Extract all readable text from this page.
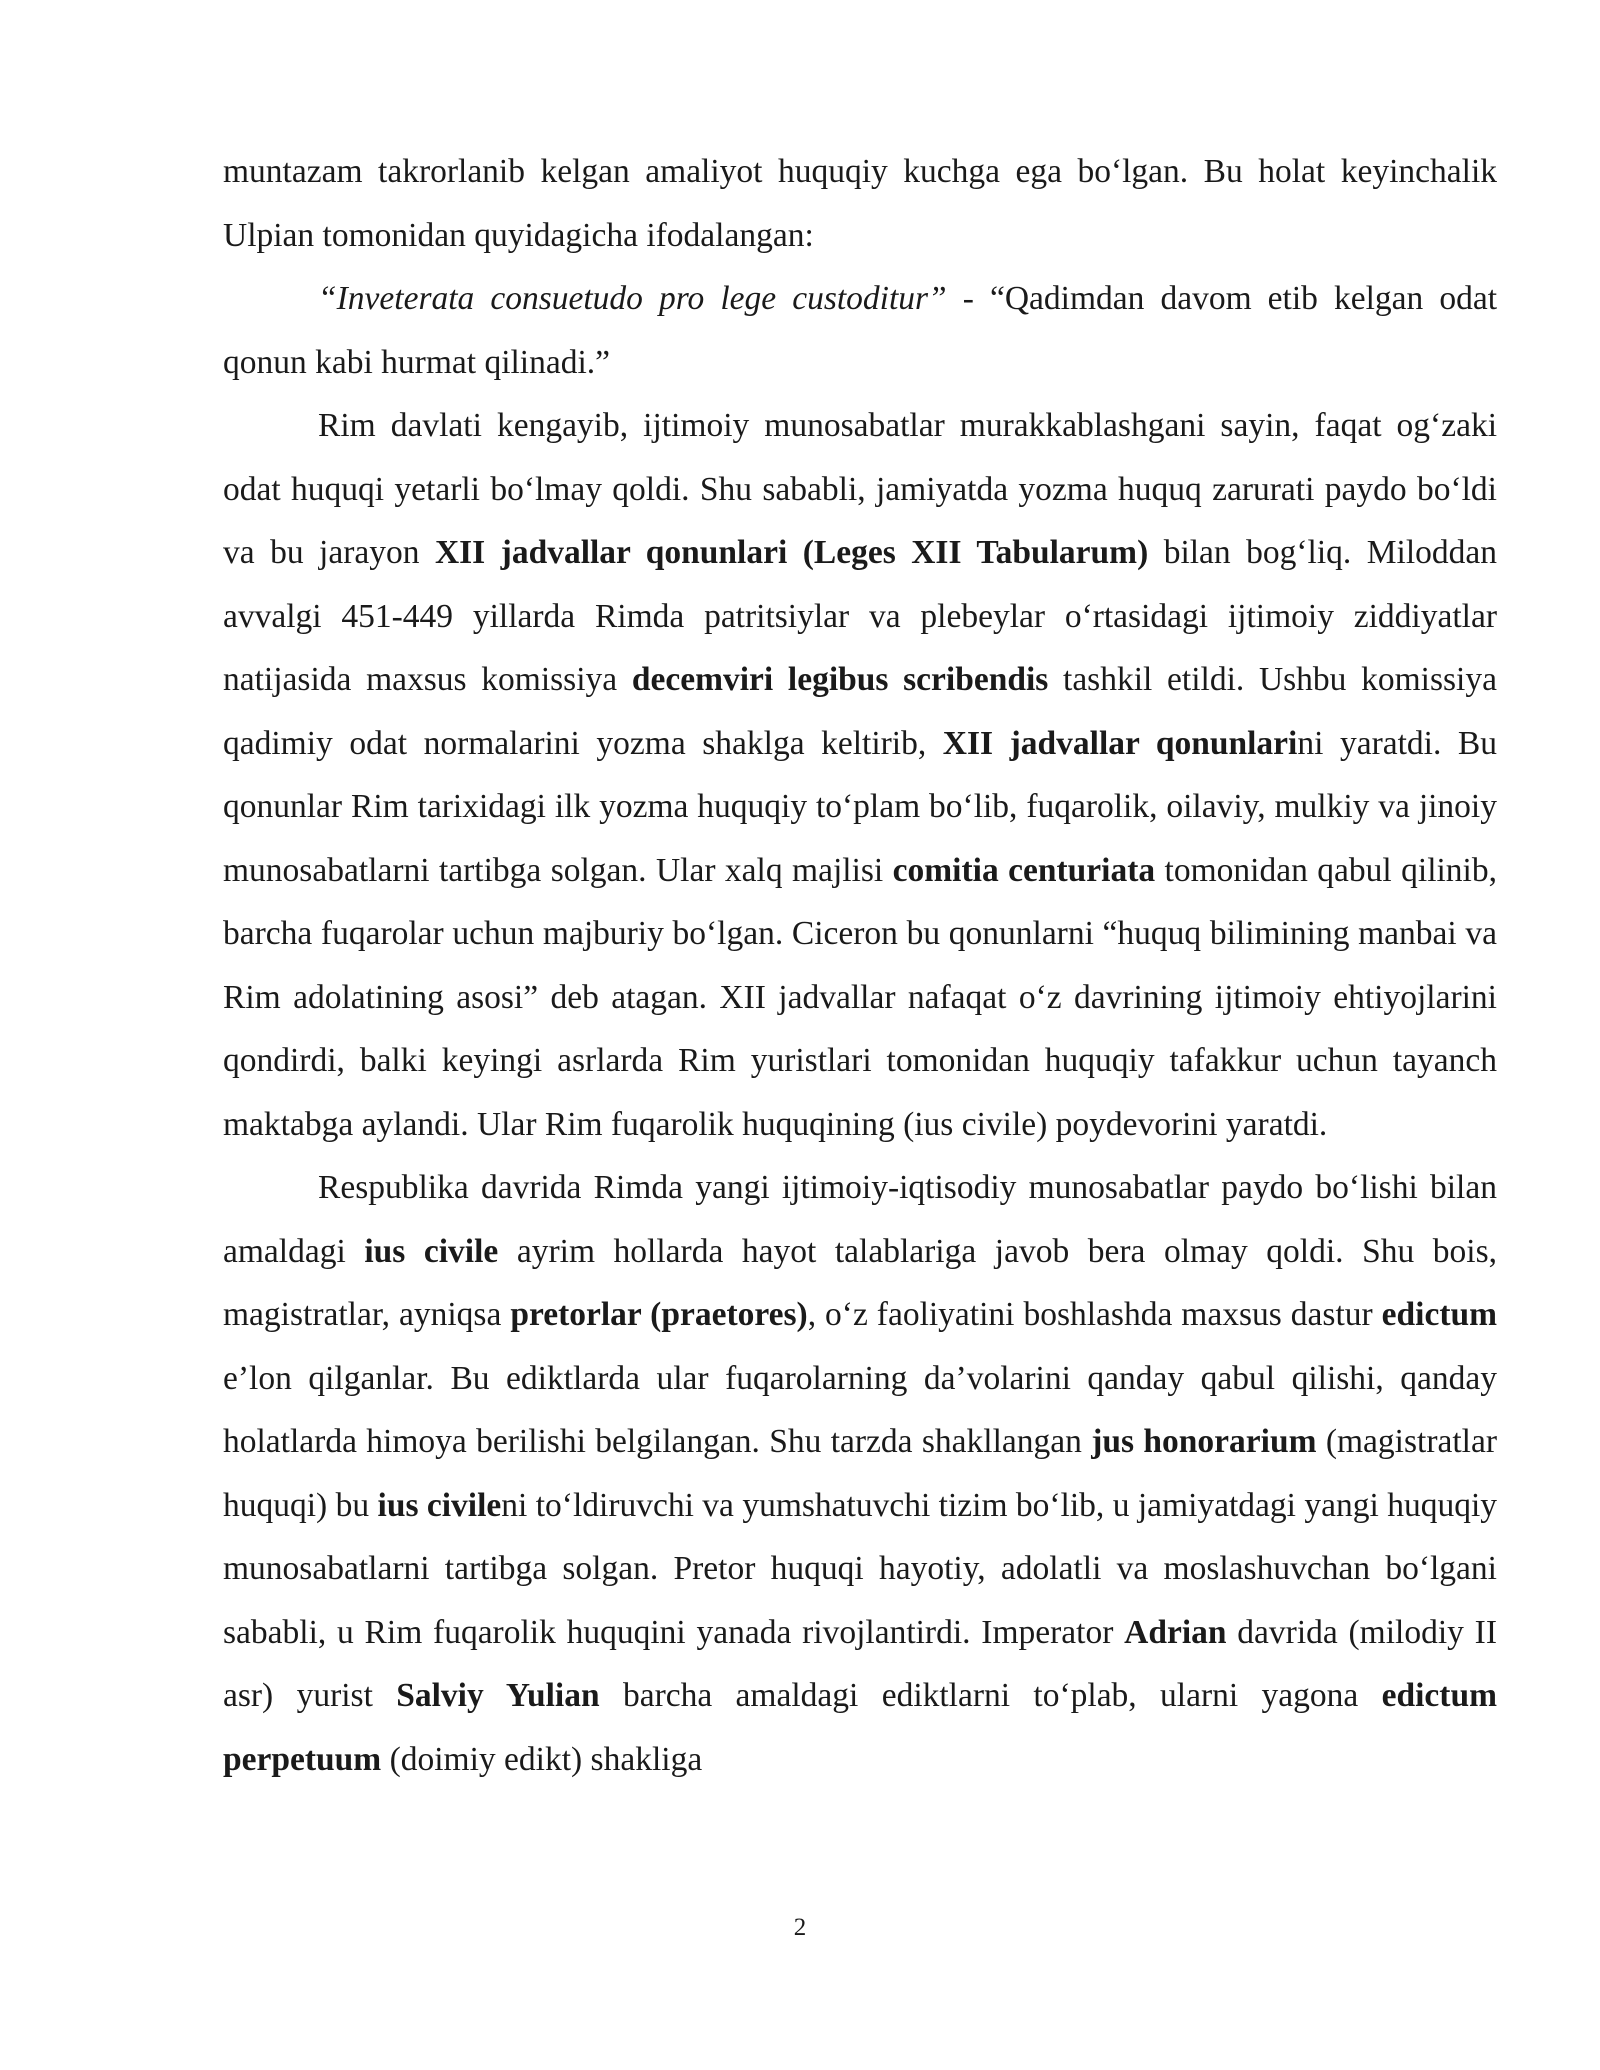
muntazam takrorlanib kelgan amaliyot huquqiy kuchga ega bo‘lgan. Bu holat keyinchalik Ulpian tomonidan quyidagicha ifodalangan:

“Inveterata consuetudo pro lege custoditur” - “Qadimdan davom etib kelgan odat qonun kabi hurmat qilinadi.”

Rim davlati kengayib, ijtimoiy munosabatlar murakkablashgani sayin, faqat og‘zaki odat huquqi yetarli bo‘lmay qoldi. Shu sababli, jamiyatda yozma huquq zarurati paydo bo‘ldi va bu jarayon XII jadvallar qonunlari (Leges XII Tabularum) bilan bog‘liq. Miloddan avvalgi 451-449 yillarda Rimda patritsiylar va plebeylar o‘rtasidagi ijtimoiy ziddiyatlar natijasida maxsus komissiya decemviri legibus scribendis tashkil etildi. Ushbu komissiya qadimiy odat normalarini yozma shaklga keltirib, XII jadvallar qonunlarini yaratdi. Bu qonunlar Rim tarixidagi ilk yozma huquqiy to‘plam bo‘lib, fuqarolik, oilaviy, mulkiy va jinoiy munosabatlarni tartibga solgan. Ular xalq majlisi comitia centuriata tomonidan qabul qilinib, barcha fuqarolar uchun majburiy bo‘lgan. Ciceron bu qonunlarni “huquq bilimining manbai va Rim adolatining asosi” deb atagan. XII jadvallar nafaqat o‘z davrining ijtimoiy ehtiyojlarini qondirdi, balki keyingi asrlarda Rim yuristlari tomonidan huquqiy tafakkur uchun tayanch maktabga aylandi. Ular Rim fuqarolik huquqining (ius civile) poydevorini yaratdi.

Respublika davrida Rimda yangi ijtimoiy-iqtisodiy munosabatlar paydo bo‘lishi bilan amaldagi ius civile ayrim hollarda hayot talablariga javob bera olmay qoldi. Shu bois, magistratlar, ayniqsa pretorlar (praetores), o‘z faoliyatini boshlashda maxsus dastur edictum e’lon qilganlar. Bu ediktlarda ular fuqarolarning da’volarini qanday qabul qilishi, qanday holatlarda himoya berilishi belgilangan. Shu tarzda shakllangan jus honorarium (magistratlar huquqi) bu ius civileni to‘ldiruvchi va yumshatuvchi tizim bo‘lib, u jamiyatdagi yangi huquqiy munosabatlarni tartibga solgan. Pretor huquqi hayotiy, adolatli va moslashuvchan bo‘lgani sababli, u Rim fuqarolik huquqini yanada rivojlantirdi. Imperator Adrian davrida (milodiy II asr) yurist Salviy Yulian barcha amaldagi ediktlarni to‘plab, ularni yagona edictum perpetuum (doimiy edikt) shakliga

2
